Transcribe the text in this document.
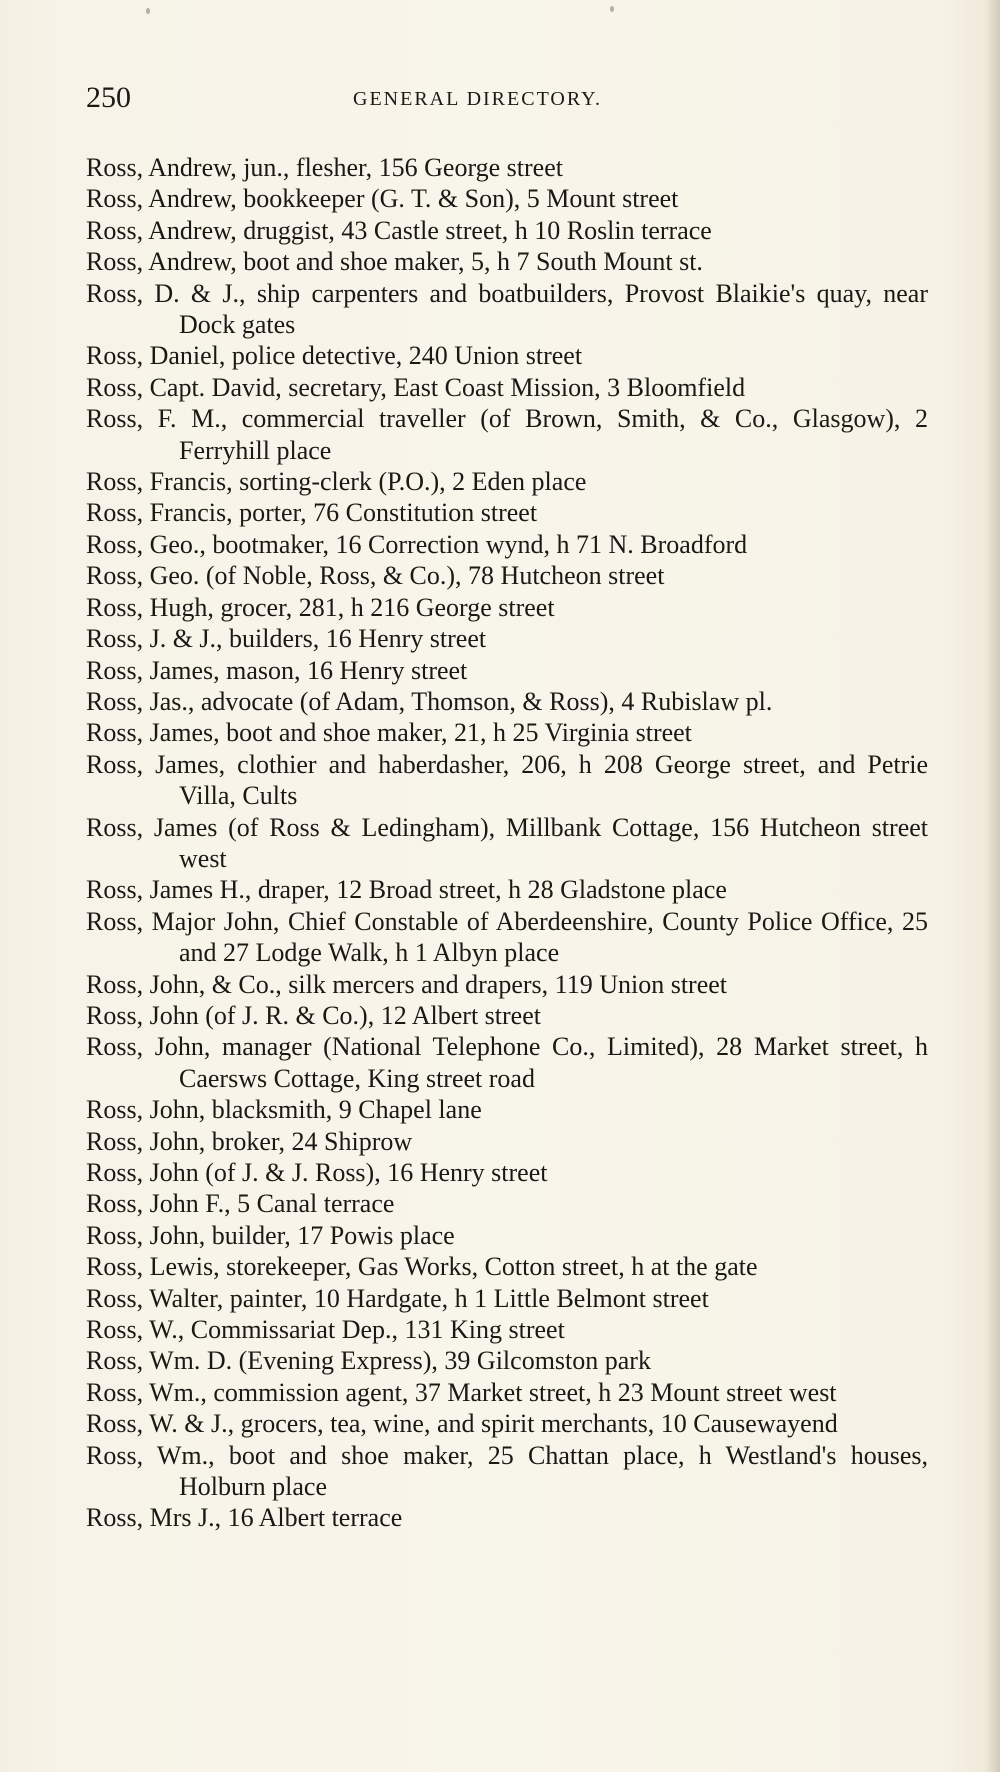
250	GENERAL DIRECTORY.
Ross, Andrew, jun., flesher, 156 George street
Ross, Andrew, bookkeeper (G. T. & Son), 5 Mount street
Ross, Andrew, druggist, 43 Castle street, h 10 Roslin terrace
Ross, Andrew, boot and shoe maker, 5, h 7 South Mount st.
Ross, D. & J., ship carpenters and boatbuilders, Provost Blaikie's quay, near Dock gates
Ross, Daniel, police detective, 240 Union street
Ross, Capt. David, secretary, East Coast Mission, 3 Bloomfield
Ross, F. M., commercial traveller (of Brown, Smith, & Co., Glasgow), 2 Ferryhill place
Ross, Francis, sorting-clerk (P.O.), 2 Eden place
Ross, Francis, porter, 76 Constitution street
Ross, Geo., bootmaker, 16 Correction wynd, h 71 N. Broadford
Ross, Geo. (of Noble, Ross, & Co.), 78 Hutcheon street
Ross, Hugh, grocer, 281, h 216 George street
Ross, J. & J., builders, 16 Henry street
Ross, James, mason, 16 Henry street
Ross, Jas., advocate (of Adam, Thomson, & Ross), 4 Rubislaw pl.
Ross, James, boot and shoe maker, 21, h 25 Virginia street
Ross, James, clothier and haberdasher, 206, h 208 George street, and Petrie Villa, Cults
Ross, James (of Ross & Ledingham), Millbank Cottage, 156 Hutcheon street west
Ross, James H., draper, 12 Broad street, h 28 Gladstone place
Ross, Major John, Chief Constable of Aberdeenshire, County Police Office, 25 and 27 Lodge Walk, h 1 Albyn place
Ross, John, & Co., silk mercers and drapers, 119 Union street
Ross, John (of J. R. & Co.), 12 Albert street
Ross, John, manager (National Telephone Co., Limited), 28 Market street, h Caersws Cottage, King street road
Ross, John, blacksmith, 9 Chapel lane
Ross, John, broker, 24 Shiprow
Ross, John (of J. & J. Ross), 16 Henry street
Ross, John F., 5 Canal terrace
Ross, John, builder, 17 Powis place
Ross, Lewis, storekeeper, Gas Works, Cotton street, h at the gate
Ross, Walter, painter, 10 Hardgate, h 1 Little Belmont street
Ross, W., Commissariat Dep., 131 King street
Ross, Wm. D. (Evening Express), 39 Gilcomston park
Ross, Wm., commission agent, 37 Market street, h 23 Mount street west
Ross, W. & J., grocers, tea, wine, and spirit merchants, 10 Causewayend
Ross, Wm., boot and shoe maker, 25 Chattan place, h Westland's houses, Holburn place
Ross, Mrs J., 16 Albert terrace
